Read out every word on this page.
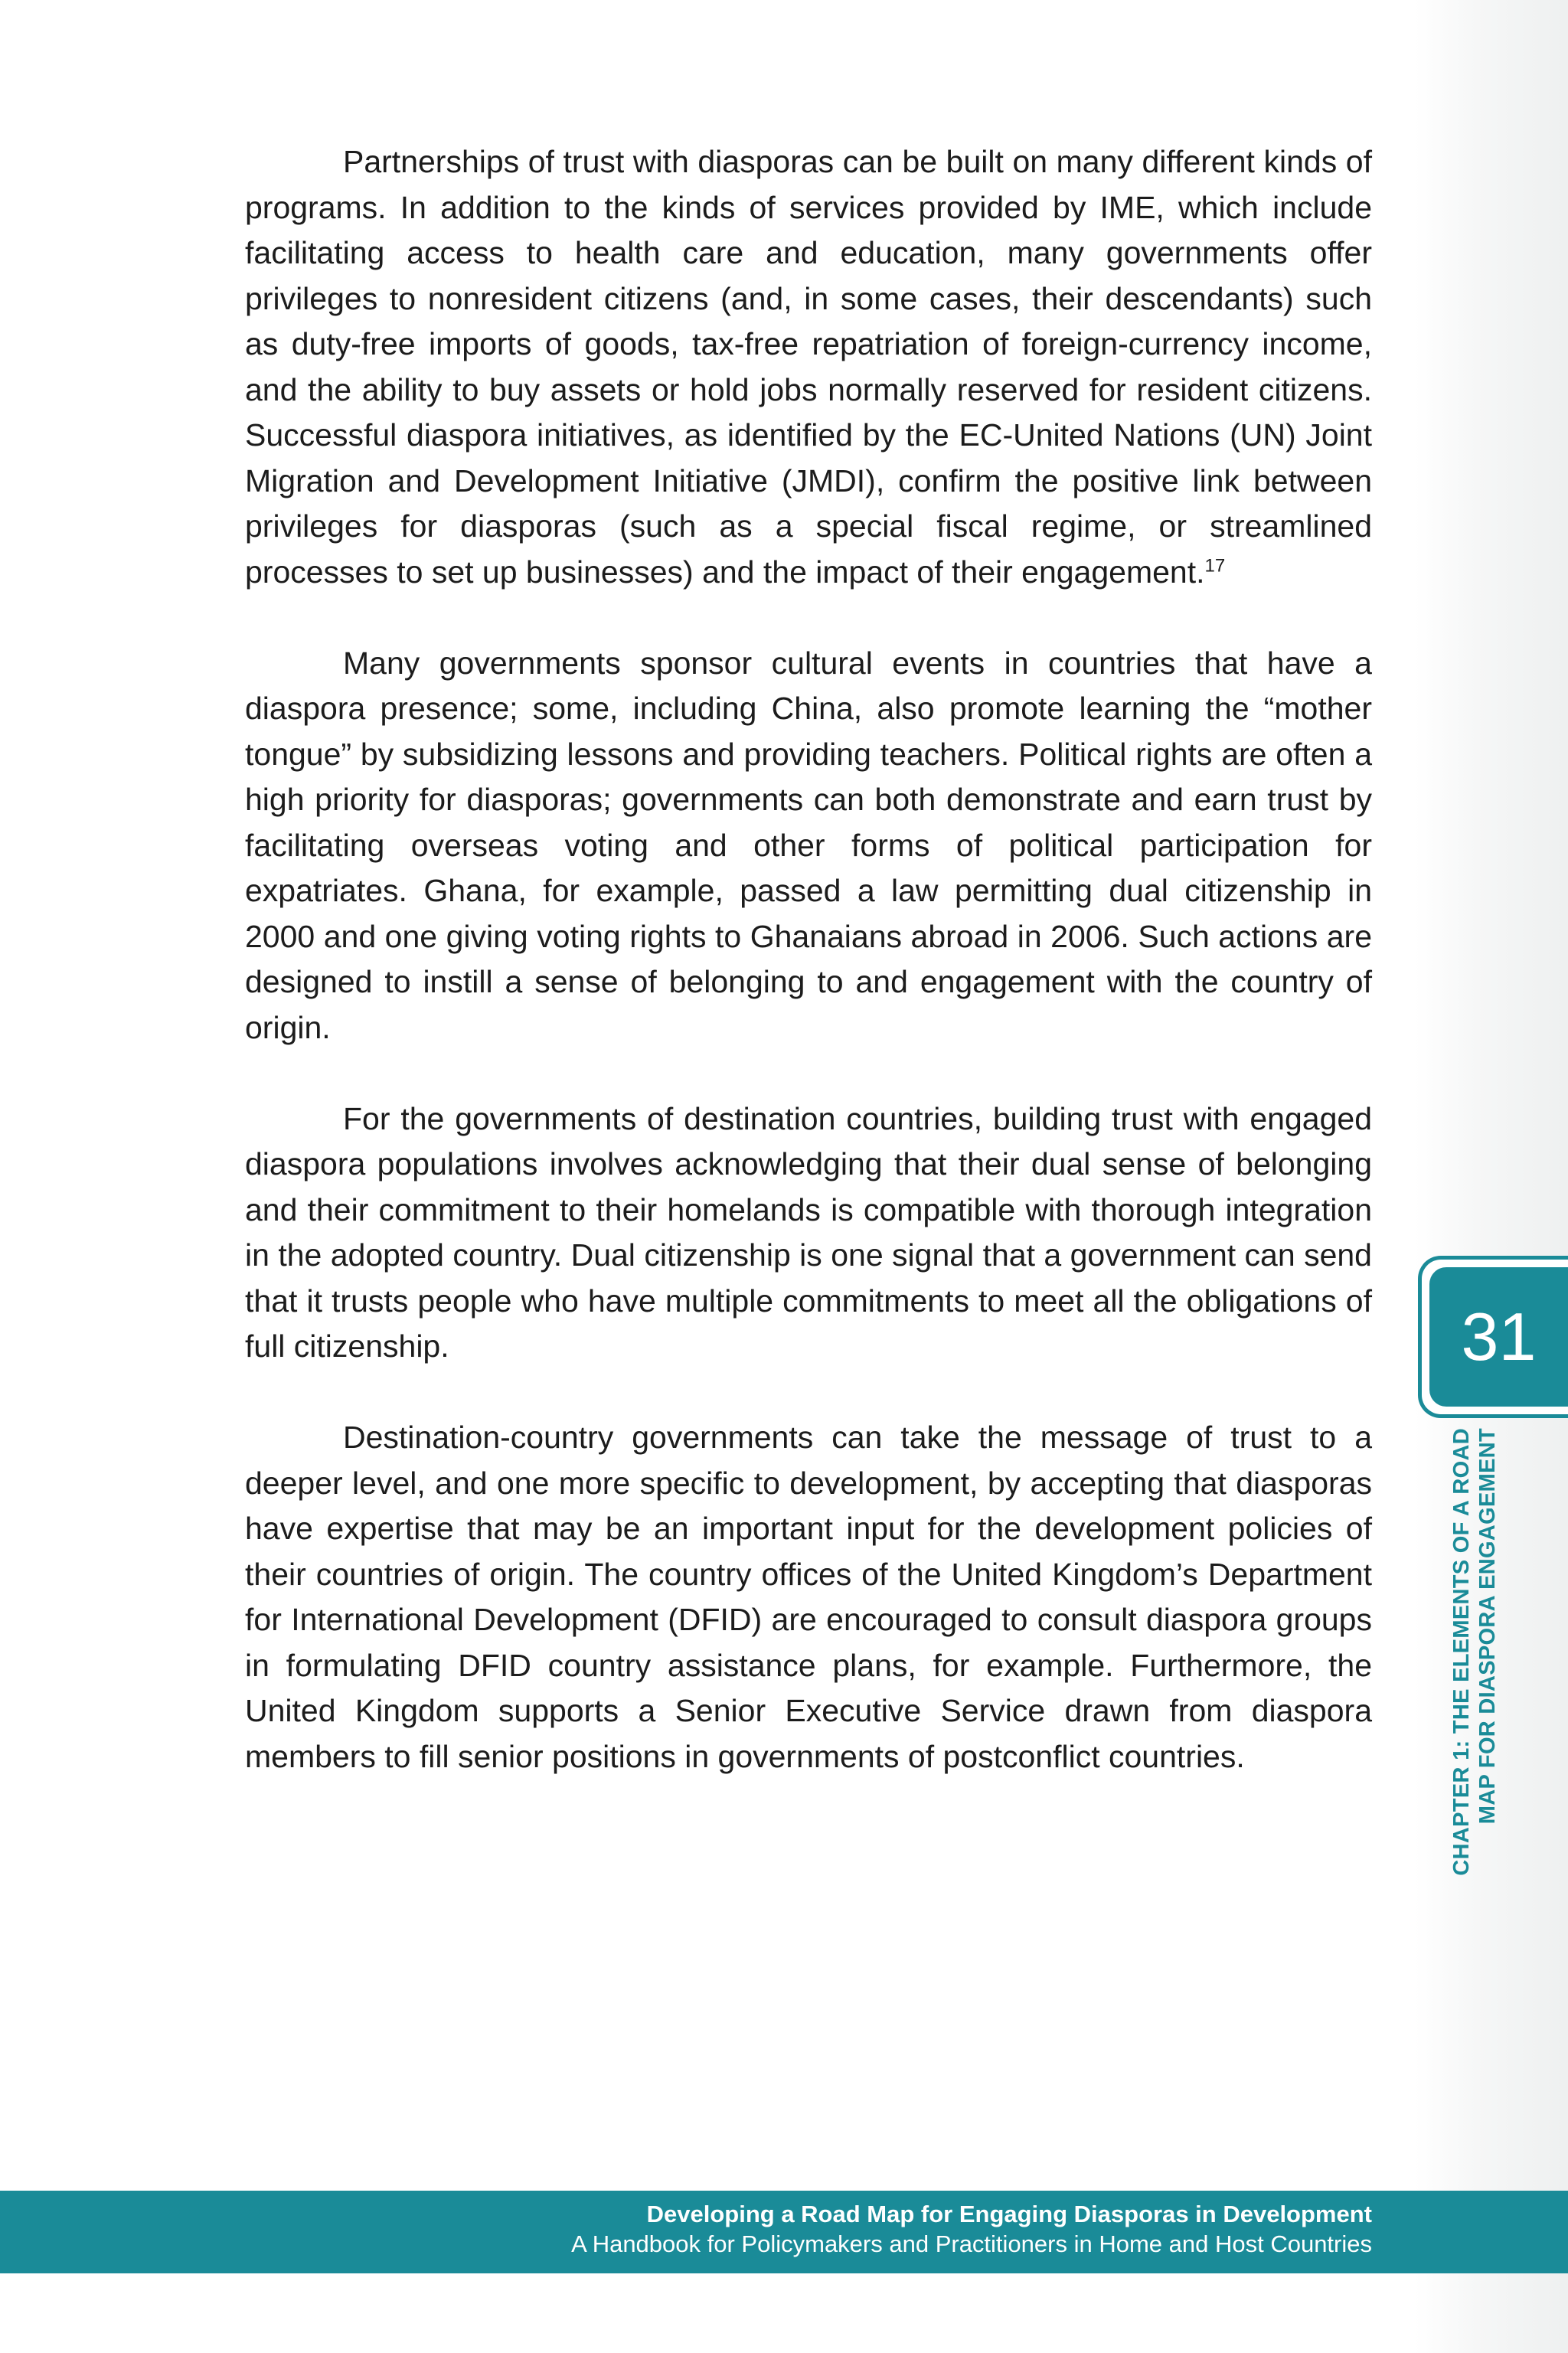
Partnerships of trust with diasporas can be built on many different kinds of programs. In addition to the kinds of services provided by IME, which include facilitating access to health care and education, many governments offer privileges to nonresident citizens (and, in some cases, their descendants) such as duty-free imports of goods, tax-free repatriation of foreign-currency income, and the ability to buy assets or hold jobs normally reserved for resident citizens. Successful diaspora initiatives, as identified by the EC-United Nations (UN) Joint Migration and Development Initiative (JMDI), confirm the positive link between privileges for diasporas (such as a special fiscal regime, or streamlined processes to set up businesses) and the impact of their engagement.$^{17}$

Many governments sponsor cultural events in countries that have a diaspora presence; some, including China, also promote learning the “mother tongue” by subsidizing lessons and providing teachers. Political rights are often a high priority for diasporas; governments can both demonstrate and earn trust by facilitating overseas voting and other forms of political participation for expatriates. Ghana, for example, passed a law permitting dual citizenship in 2000 and one giving voting rights to Ghanaians abroad in 2006. Such actions are designed to instill a sense of belonging to and engagement with the country of origin.

For the governments of destination countries, building trust with engaged diaspora populations involves acknowledging that their dual sense of belonging and their commitment to their homelands is compatible with thorough integration in the adopted country. Dual citizenship is one signal that a government can send that it trusts people who have multiple commitments to meet all the obligations of full citizenship.

Destination-country governments can take the message of trust to a deeper level, and one more specific to development, by accepting that diasporas have expertise that may be an important input for the development policies of their countries of origin. The country offices of the United Kingdom’s Department for International Development (DFID) are encouraged to consult diaspora groups in formulating DFID country assistance plans, for example. Furthermore, the United Kingdom supports a Senior Executive Service drawn from diaspora members to fill senior positions in governments of postconflict countries.

31
CHAPTER 1: THE ELEMENTS OF A ROAD MAP FOR DIASPORA ENGAGEMENT
Developing a Road Map for Engaging Diasporas in Development
A Handbook for Policymakers and Practitioners in Home and Host Countries
